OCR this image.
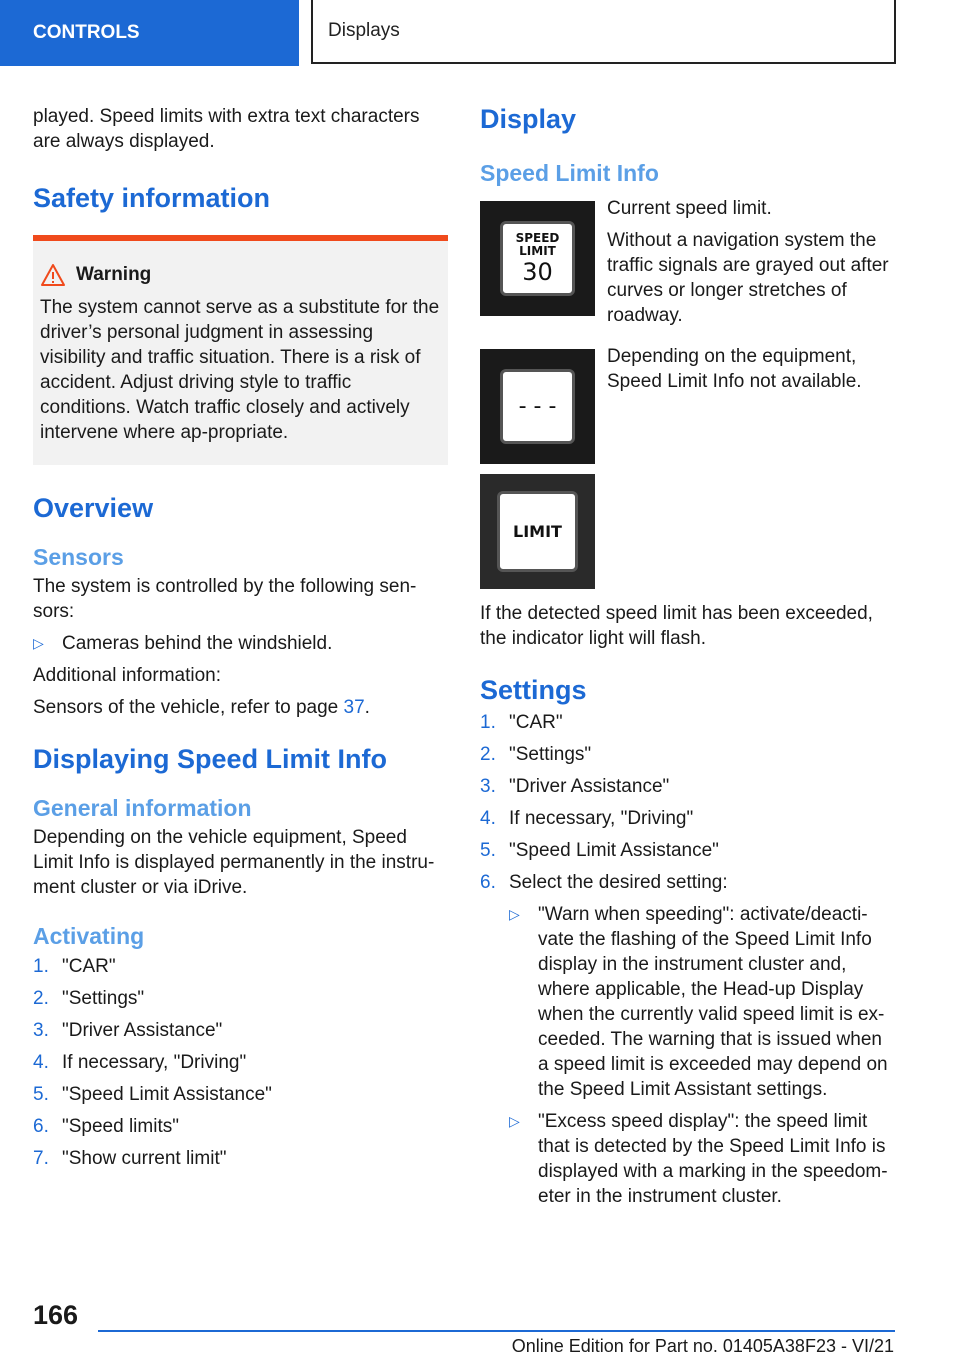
CONTROLS	Displays

played. Speed limits with extra text characters are always displayed.

Safety information
Warning

The system cannot serve as a substitute for the driver’s personal judgment in assessing visibility and traffic situation. There is a risk of accident. Adjust driving style to traffic conditions. Watch traffic closely and actively intervene where ap-propriate.

Overview
Sensors

The system is controlled by the following sen-sors:

▷ Cameras behind the windshield.

Additional information:

Sensors of the vehicle, refer to page 37.

Displaying Speed Limit Info
General information

Depending on the vehicle equipment, Speed Limit Info is displayed permanently in the instru-ment cluster or via iDrive.

Activating
1. "CAR"
2. "Settings"
3. "Driver Assistance"
4. If necessary, "Driving"
5. "Speed Limit Assistance"
6. "Speed limits"
7. "Show current limit"
Display
Speed Limit Info
SPEED
LIMIT
30

Current speed limit.

Without a navigation system the traffic signals are grayed out after curves or longer stretches of roadway.

- - -

Depending on the equipment, Speed Limit Info not available.

LIMIT

If the detected speed limit has been exceeded, the indicator light will flash.

Settings
1. "CAR"
2. "Settings"
3. "Driver Assistance"
4. If necessary, "Driving"
5. "Speed Limit Assistance"
6. Select the desired setting:
▷ "Warn when speeding": activate/deacti-vate the flashing of the Speed Limit Info display in the instrument cluster and, where applicable, the Head-up Display when the currently valid speed limit is ex-ceeded. The warning that is issued when a speed limit is exceeded may depend on the Speed Limit Assistant settings.
▷ "Excess speed display": the speed limit that is detected by the Speed Limit Info is displayed with a marking in the speedom-eter in the instrument cluster.
166
Online Edition for Part no. 01405A38F23 - VI/21
